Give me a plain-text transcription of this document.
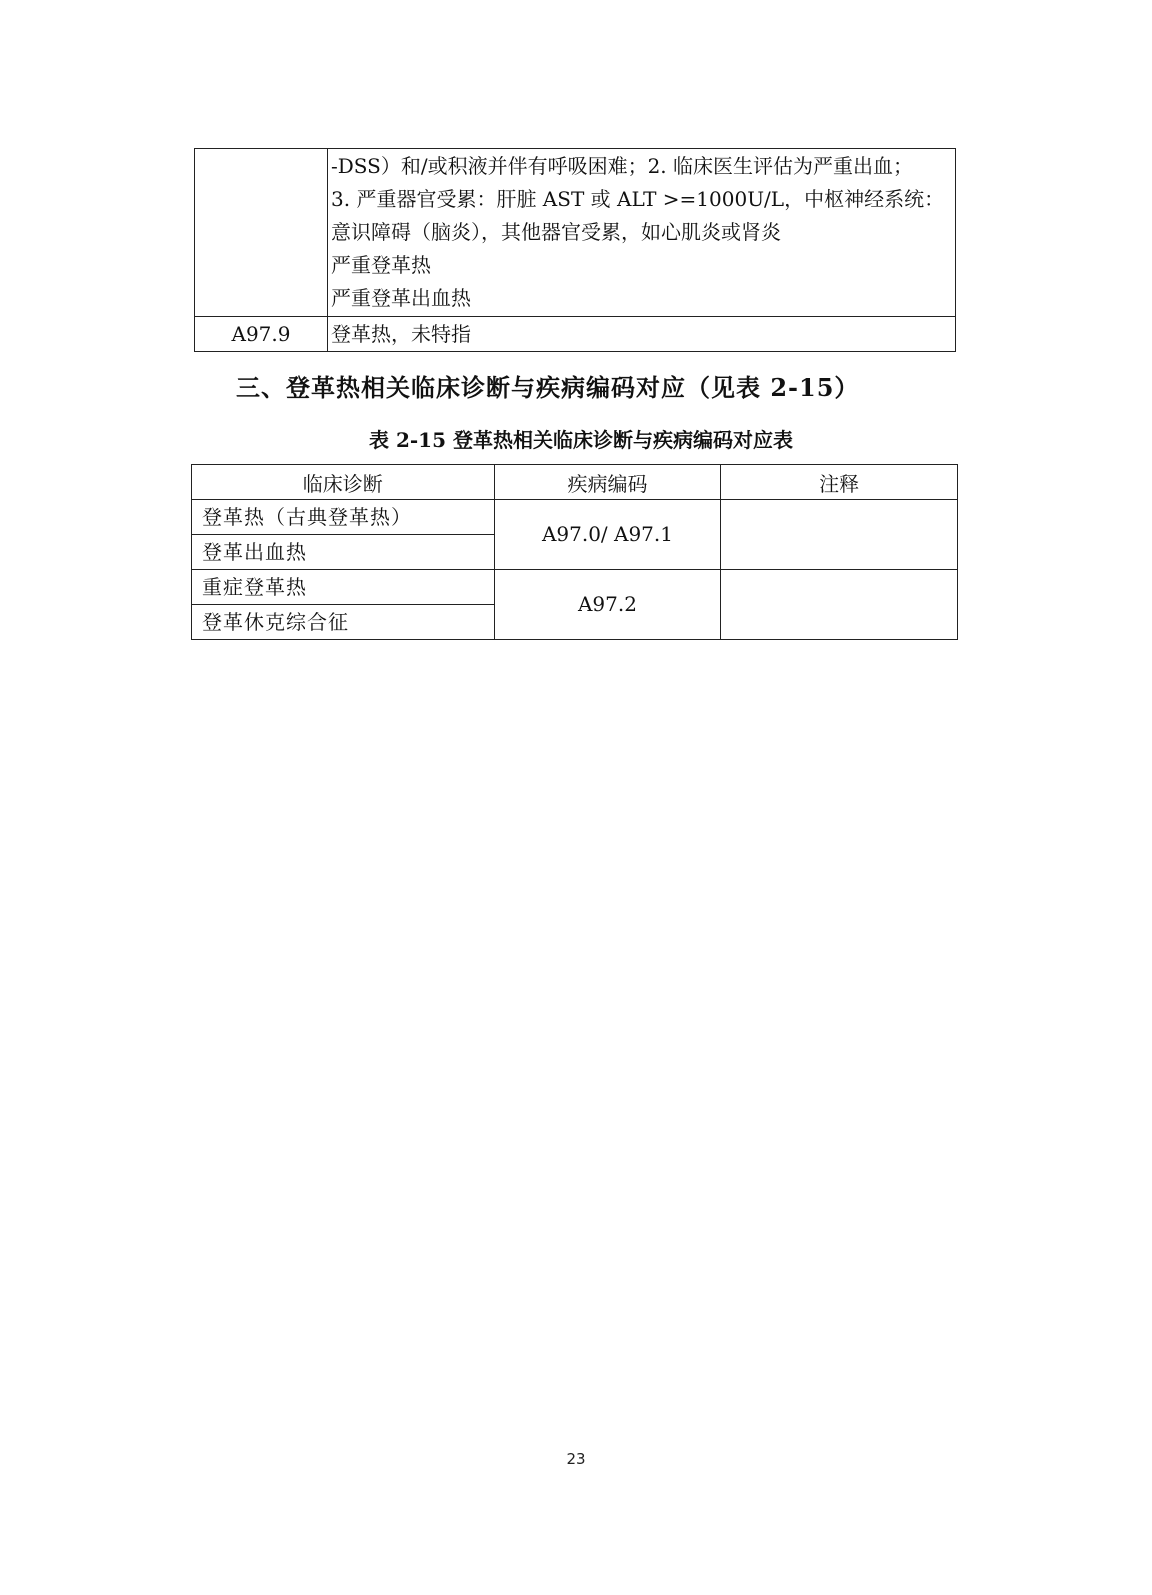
	-DSS）和/或积液并伴有呼吸困难；2. 临床医生评估为严重出血；
3. 严重器官受累：肝脏 AST 或 ALT >=1000U/L，中枢神经系统：
意识障碍（脑炎），其他器官受累，如心肌炎或肾炎
严重登革热
严重登革出血热

A97.9	登革热，未特指
三、登革热相关临床诊断与疾病编码对应（见表 2-15）
表 2-15 登革热相关临床诊断与疾病编码对应表
临床诊断	疾病编码	注释
登革热（古典登革热）	A97.0/ A97.1	
登革出血热		
重症登革热	A97.2	
登革休克综合征		
23
